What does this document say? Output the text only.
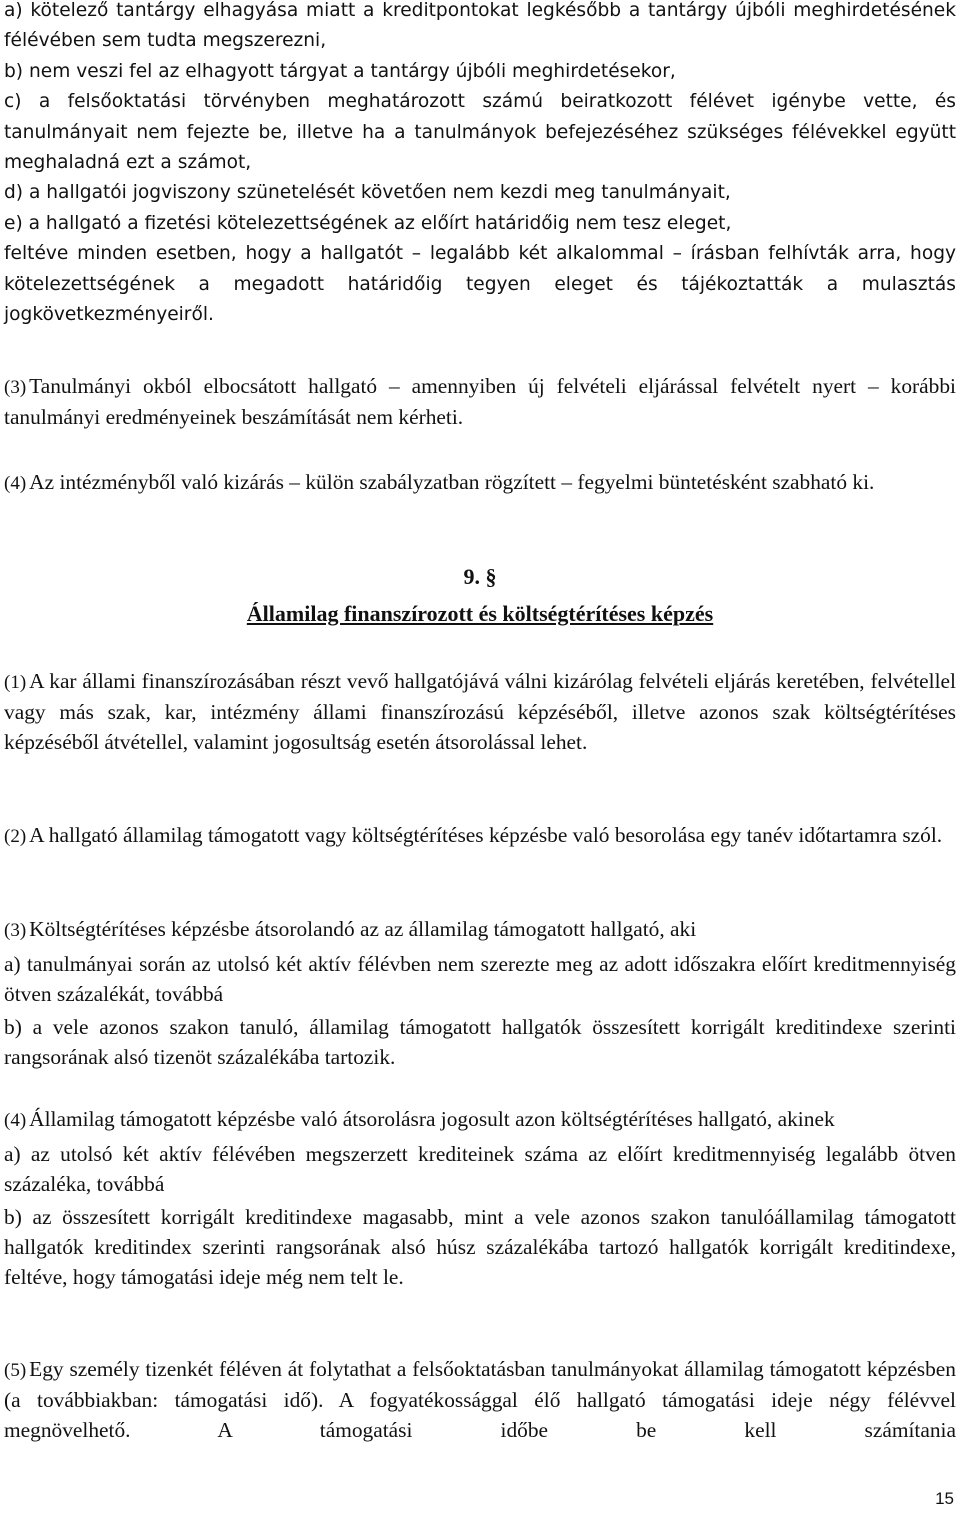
a) kötelező tantárgy elhagyása miatt a kreditpontokat legkésőbb a tantárgy újbóli meghirdetésének félévében sem tudta megszerezni,

b) nem veszi fel az elhagyott tárgyat a tantárgy újbóli meghirdetésekor,

c) a felsőoktatási törvényben meghatározott számú beiratkozott félévet igénybe vette, és tanulmányait nem fejezte be, illetve ha a tanulmányok befejezéséhez szükséges félévekkel együtt meghaladná ezt a számot,

d) a hallgatói jogviszony szünetelését követően nem kezdi meg tanulmányait,

e) a hallgató a fizetési kötelezettségének az előírt határidőig nem tesz eleget,

feltéve minden esetben, hogy a hallgatót – legalább két alkalommal – írásban felhívták arra, hogy kötelezettségének a megadott határidőig tegyen eleget és tájékoztatták a mulasztás jogkövetkezményeiről.

(3) Tanulmányi okból elbocsátott hallgató – amennyiben új felvételi eljárással felvételt nyert – korábbi tanulmányi eredményeinek beszámítását nem kérheti.

(4) Az intézményből való kizárás – külön szabályzatban rögzített – fegyelmi büntetésként szabható ki.

9. §
Államilag finanszírozott és költségtérítéses képzés

(1) A kar állami finanszírozásában részt vevő hallgatójává válni kizárólag felvételi eljárás keretében, felvétellel vagy más szak, kar, intézmény állami finanszírozású képzéséből, illetve azonos szak költségtérítéses képzéséből átvétellel, valamint jogosultság esetén átsorolással lehet.

(2) A hallgató államilag támogatott vagy költségtérítéses képzésbe való besorolása egy tanév időtartamra szól.

(3) Költségtérítéses képzésbe átsorolandó az az államilag támogatott hallgató, aki

a) tanulmányai során az utolsó két aktív félévben nem szerezte meg az adott időszakra előírt kreditmennyiség ötven százalékát, továbbá

b) a vele azonos szakon tanuló, államilag támogatott hallgatók összesített korrigált kreditindexe szerinti rangsorának alsó tizenöt százalékába tartozik.

(4) Államilag támogatott képzésbe való átsorolásra jogosult azon költségtérítéses hallgató, akinek

a) az utolsó két aktív félévében megszerzett krediteinek száma az előírt kreditmennyiség legalább ötven százaléka, továbbá

b) az összesített korrigált kreditindexe magasabb, mint a vele azonos szakon tanulóállamilag támogatott hallgatók kreditindex szerinti rangsorának alsó húsz százalékába tartozó hallgatók korrigált kreditindexe, feltéve, hogy támogatási ideje még nem telt le.

(5) Egy személy tizenkét féléven át folytathat a felsőoktatásban tanulmányokat államilag támogatott képzésben (a továbbiakban: támogatási idő). A fogyatékossággal élő hallgató támogatási ideje négy félévvel megnövelhető. A támogatási időbe be kell számítania

15
